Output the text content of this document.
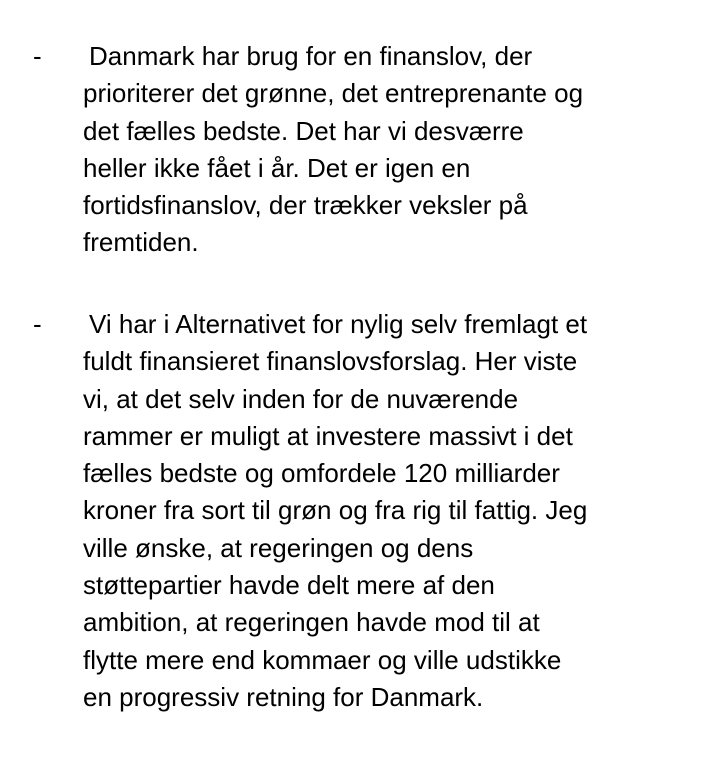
- Danmark har brug for en finanslov, der
prioriterer det grønne, det entreprenante og
det fælles bedste. Det har vi desværre
heller ikke fået i år. Det er igen en
fortidsfinanslov, der trækker veksler på
fremtiden.
- Vi har i Alternativet for nylig selv fremlagt et
fuldt finansieret finanslovsforslag. Her viste
vi, at det selv inden for de nuværende
rammer er muligt at investere massivt i det
fælles bedste og omfordele 120 milliarder
kroner fra sort til grøn og fra rig til fattig. Jeg
ville ønske, at regeringen og dens
støttepartier havde delt mere af den
ambition, at regeringen havde mod til at
flytte mere end kommaer og ville udstikke
en progressiv retning for Danmark.
